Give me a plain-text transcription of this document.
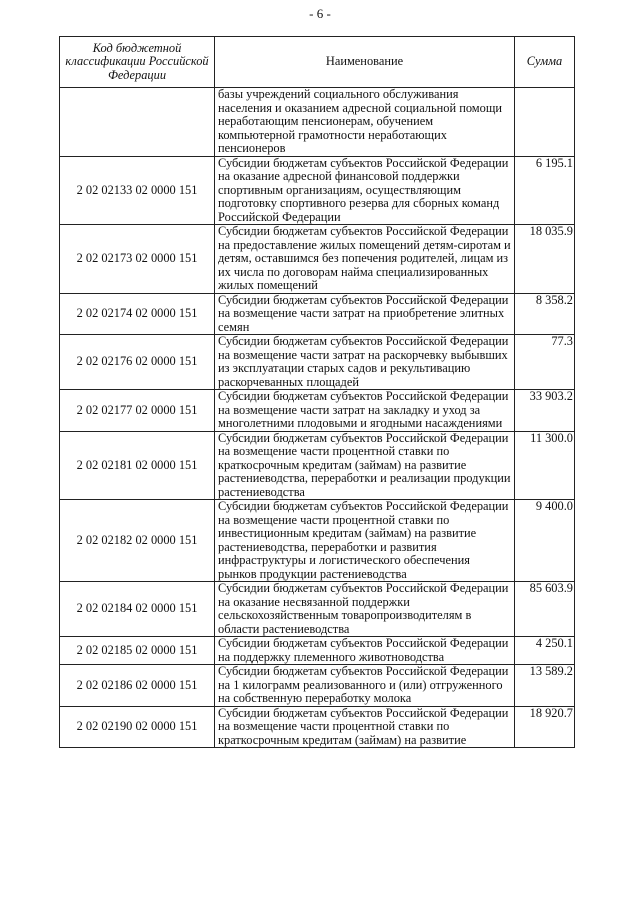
- 6 -
Код бюджетной классификации Российской Федерации	Наименование	Сумма
	базы учреждений социального обслуживания населения и оказанием адресной социальной помощи неработающим пенсионерам, обучением компьютерной грамотности неработающих пенсионеров	
2 02 02133 02 0000 151	Субсидии бюджетам субъектов Российской Федерации на оказание адресной финансовой поддержки спортивным организациям, осуществляющим подготовку спортивного резерва для сборных команд Российской Федерации	6 195.1
2 02 02173 02 0000 151	Субсидии бюджетам субъектов Российской Федерации на предоставление жилых помещений детям-сиротам и детям, оставшимся без попечения родителей, лицам из их числа по договорам найма специализированных жилых помещений	18 035.9
2 02 02174 02 0000 151	Субсидии бюджетам субъектов Российской Федерации на возмещение части затрат на приобретение элитных семян	8 358.2
2 02 02176 02 0000 151	Субсидии бюджетам субъектов Российской Федерации на возмещение части затрат на раскорчевку выбывших из эксплуатации старых садов и рекультивацию раскорчеванных площадей	77.3
2 02 02177 02 0000 151	Субсидии бюджетам субъектов Российской Федерации на возмещение части затрат на закладку и уход за многолетними плодовыми и ягодными насаждениями	33 903.2
2 02 02181 02 0000 151	Субсидии бюджетам субъектов Российской Федерации на возмещение части процентной ставки по краткосрочным кредитам (займам) на развитие растениеводства, переработки и реализации продукции растениеводства	11 300.0
2 02 02182 02 0000 151	Субсидии бюджетам субъектов Российской Федерации на возмещение части процентной ставки по инвестиционным кредитам (займам) на развитие растениеводства, переработки и развития инфраструктуры и логистического обеспечения рынков продукции растениеводства	9 400.0
2 02 02184 02 0000 151	Субсидии бюджетам субъектов Российской Федерации на оказание несвязанной поддержки сельскохозяйственным товаропроизводителям в области растениеводства	85 603.9
2 02 02185 02 0000 151	Субсидии бюджетам субъектов Российской Федерации на поддержку племенного животноводства	4 250.1
2 02 02186 02 0000 151	Субсидии бюджетам субъектов Российской Федерации на 1 килограмм реализованного и (или) отгруженного на собственную переработку молока	13 589.2
2 02 02190 02 0000 151	Субсидии бюджетам субъектов Российской Федерации на возмещение части процентной ставки по краткосрочным кредитам (займам) на развитие	18 920.7
